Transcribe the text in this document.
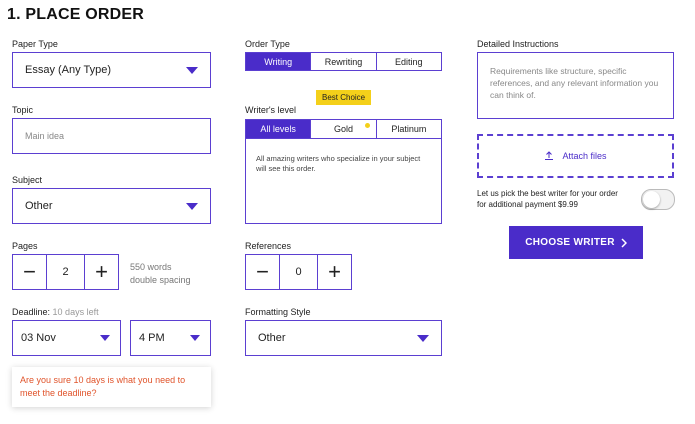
1. PLACE ORDER
Paper Type
Essay (Any Type)
Topic
Main idea
Subject
Other
Pages
−	2	+	550 words
double spacing
Deadline: 10 days left
03 Nov	4 PM
Are you sure 10 days is what you need to meet the deadline?
Order Type
Writing	Rewriting	Editing
Writer's level
Best Choice
All levels	Gold	Platinum
All amazing writers who specialize in your subject will see this order.
References
−	0	+
Formatting Style
Other
Detailed Instructions
Requirements like structure, specific references, and any relevant information you can think of.
Attach files
Let us pick the best writer for your order
for additional payment $9.99
CHOOSE WRITER
